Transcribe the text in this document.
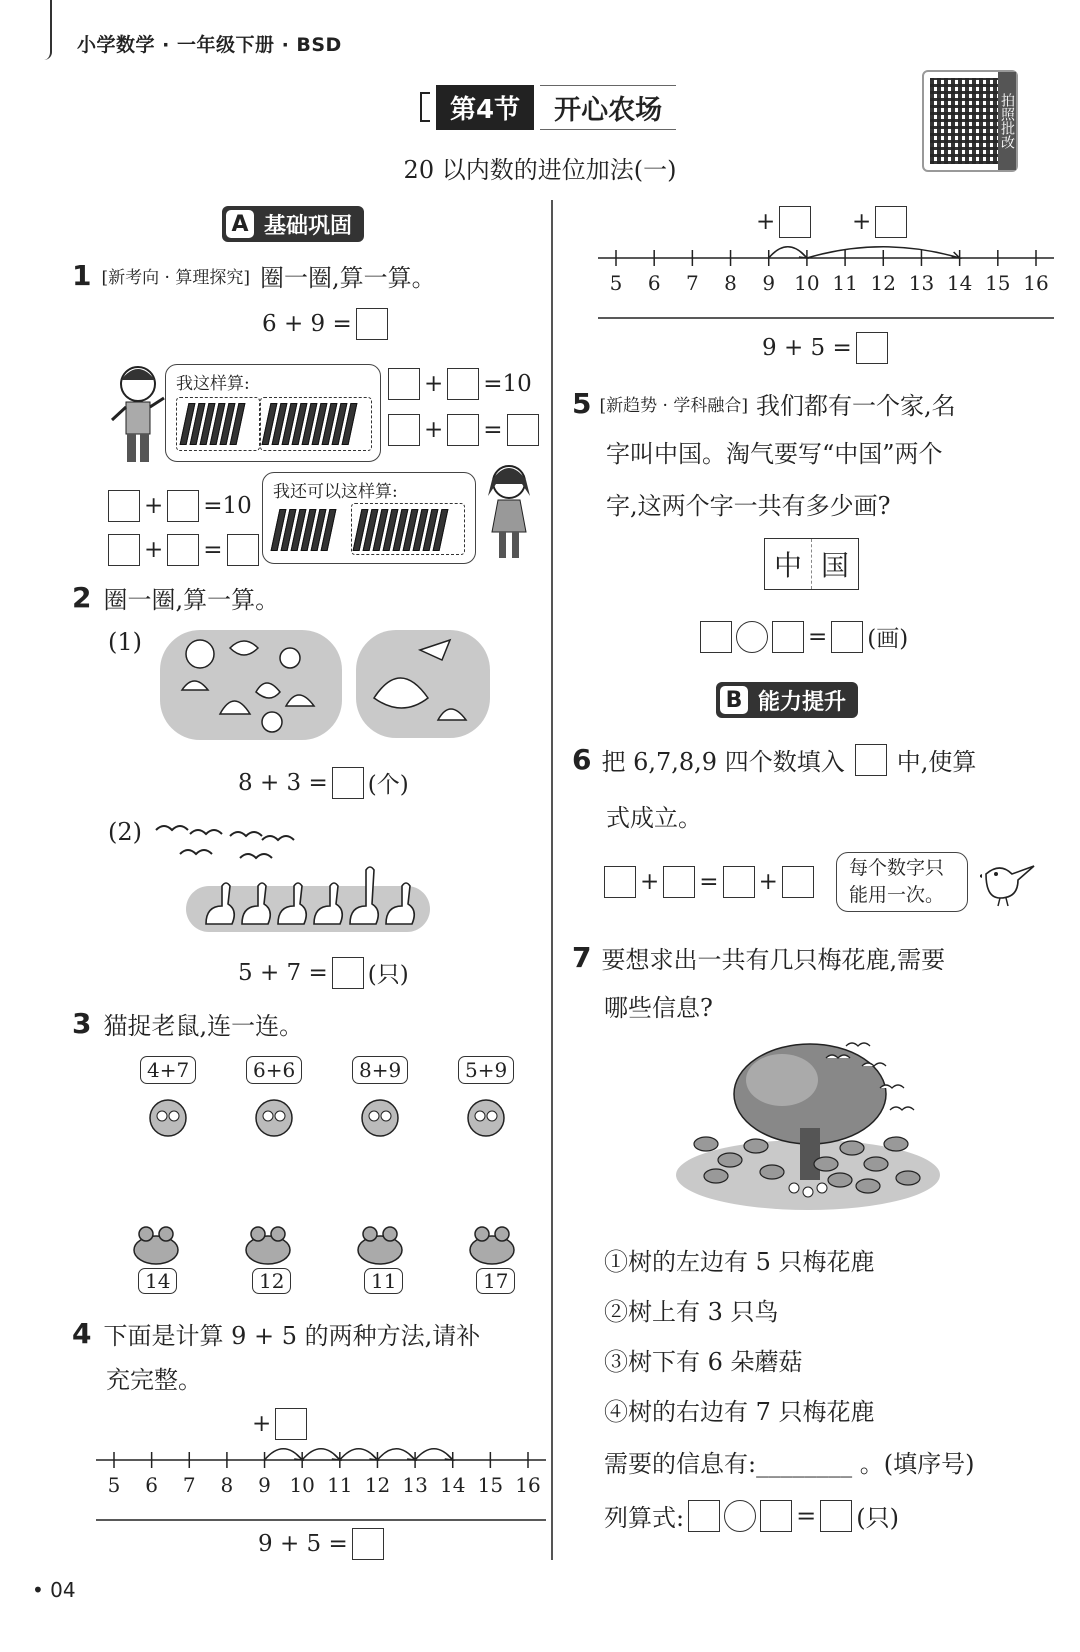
小学数学 · 一年级下册 · BSD
第4节	开心农场	拍照批改
20 以内数的进位加法(一)
A 基础巩固
1 [新考向 · 算理探究] 圈一圈,算一算。
6 + 9 =
我这样算:	+ =10
+ =
我还可以这样算:
+ =10
+ =
2 圈一圈,算一算。
(1)
8 + 3 = (个)
(2)
5 + 7 = (只)
3 猫捉老鼠,连一连。
4+7	6+6	8+9	5+9
14	12	11	17
4 下面是计算 9 + 5 的两种方法,请补
充完整。
+
5 6 7 8 9 10 11 12 13 14 15 16
9 + 5 =
+	+
5 6 7 8 9 10 11 12 13 14 15 16
9 + 5 =
5 [新趋势 · 学科融合] 我们都有一个家,名
字叫中国。淘气要写“中国”两个
字,这两个字一共有多少画?
中 国
= (画)
B 能力提升
6 把 6,7,8,9 四个数填入 中,使算
式成立。
+ = +
每个数字只
能用一次。
7 要想求出一共有几只梅花鹿,需要
哪些信息?
①树的左边有 5 只梅花鹿
②树上有 3 只鸟
③树下有 6 朵蘑菇
④树的右边有 7 只梅花鹿
需要的信息有:________ 。(填序号)
列算式:	= (只)
• 04
